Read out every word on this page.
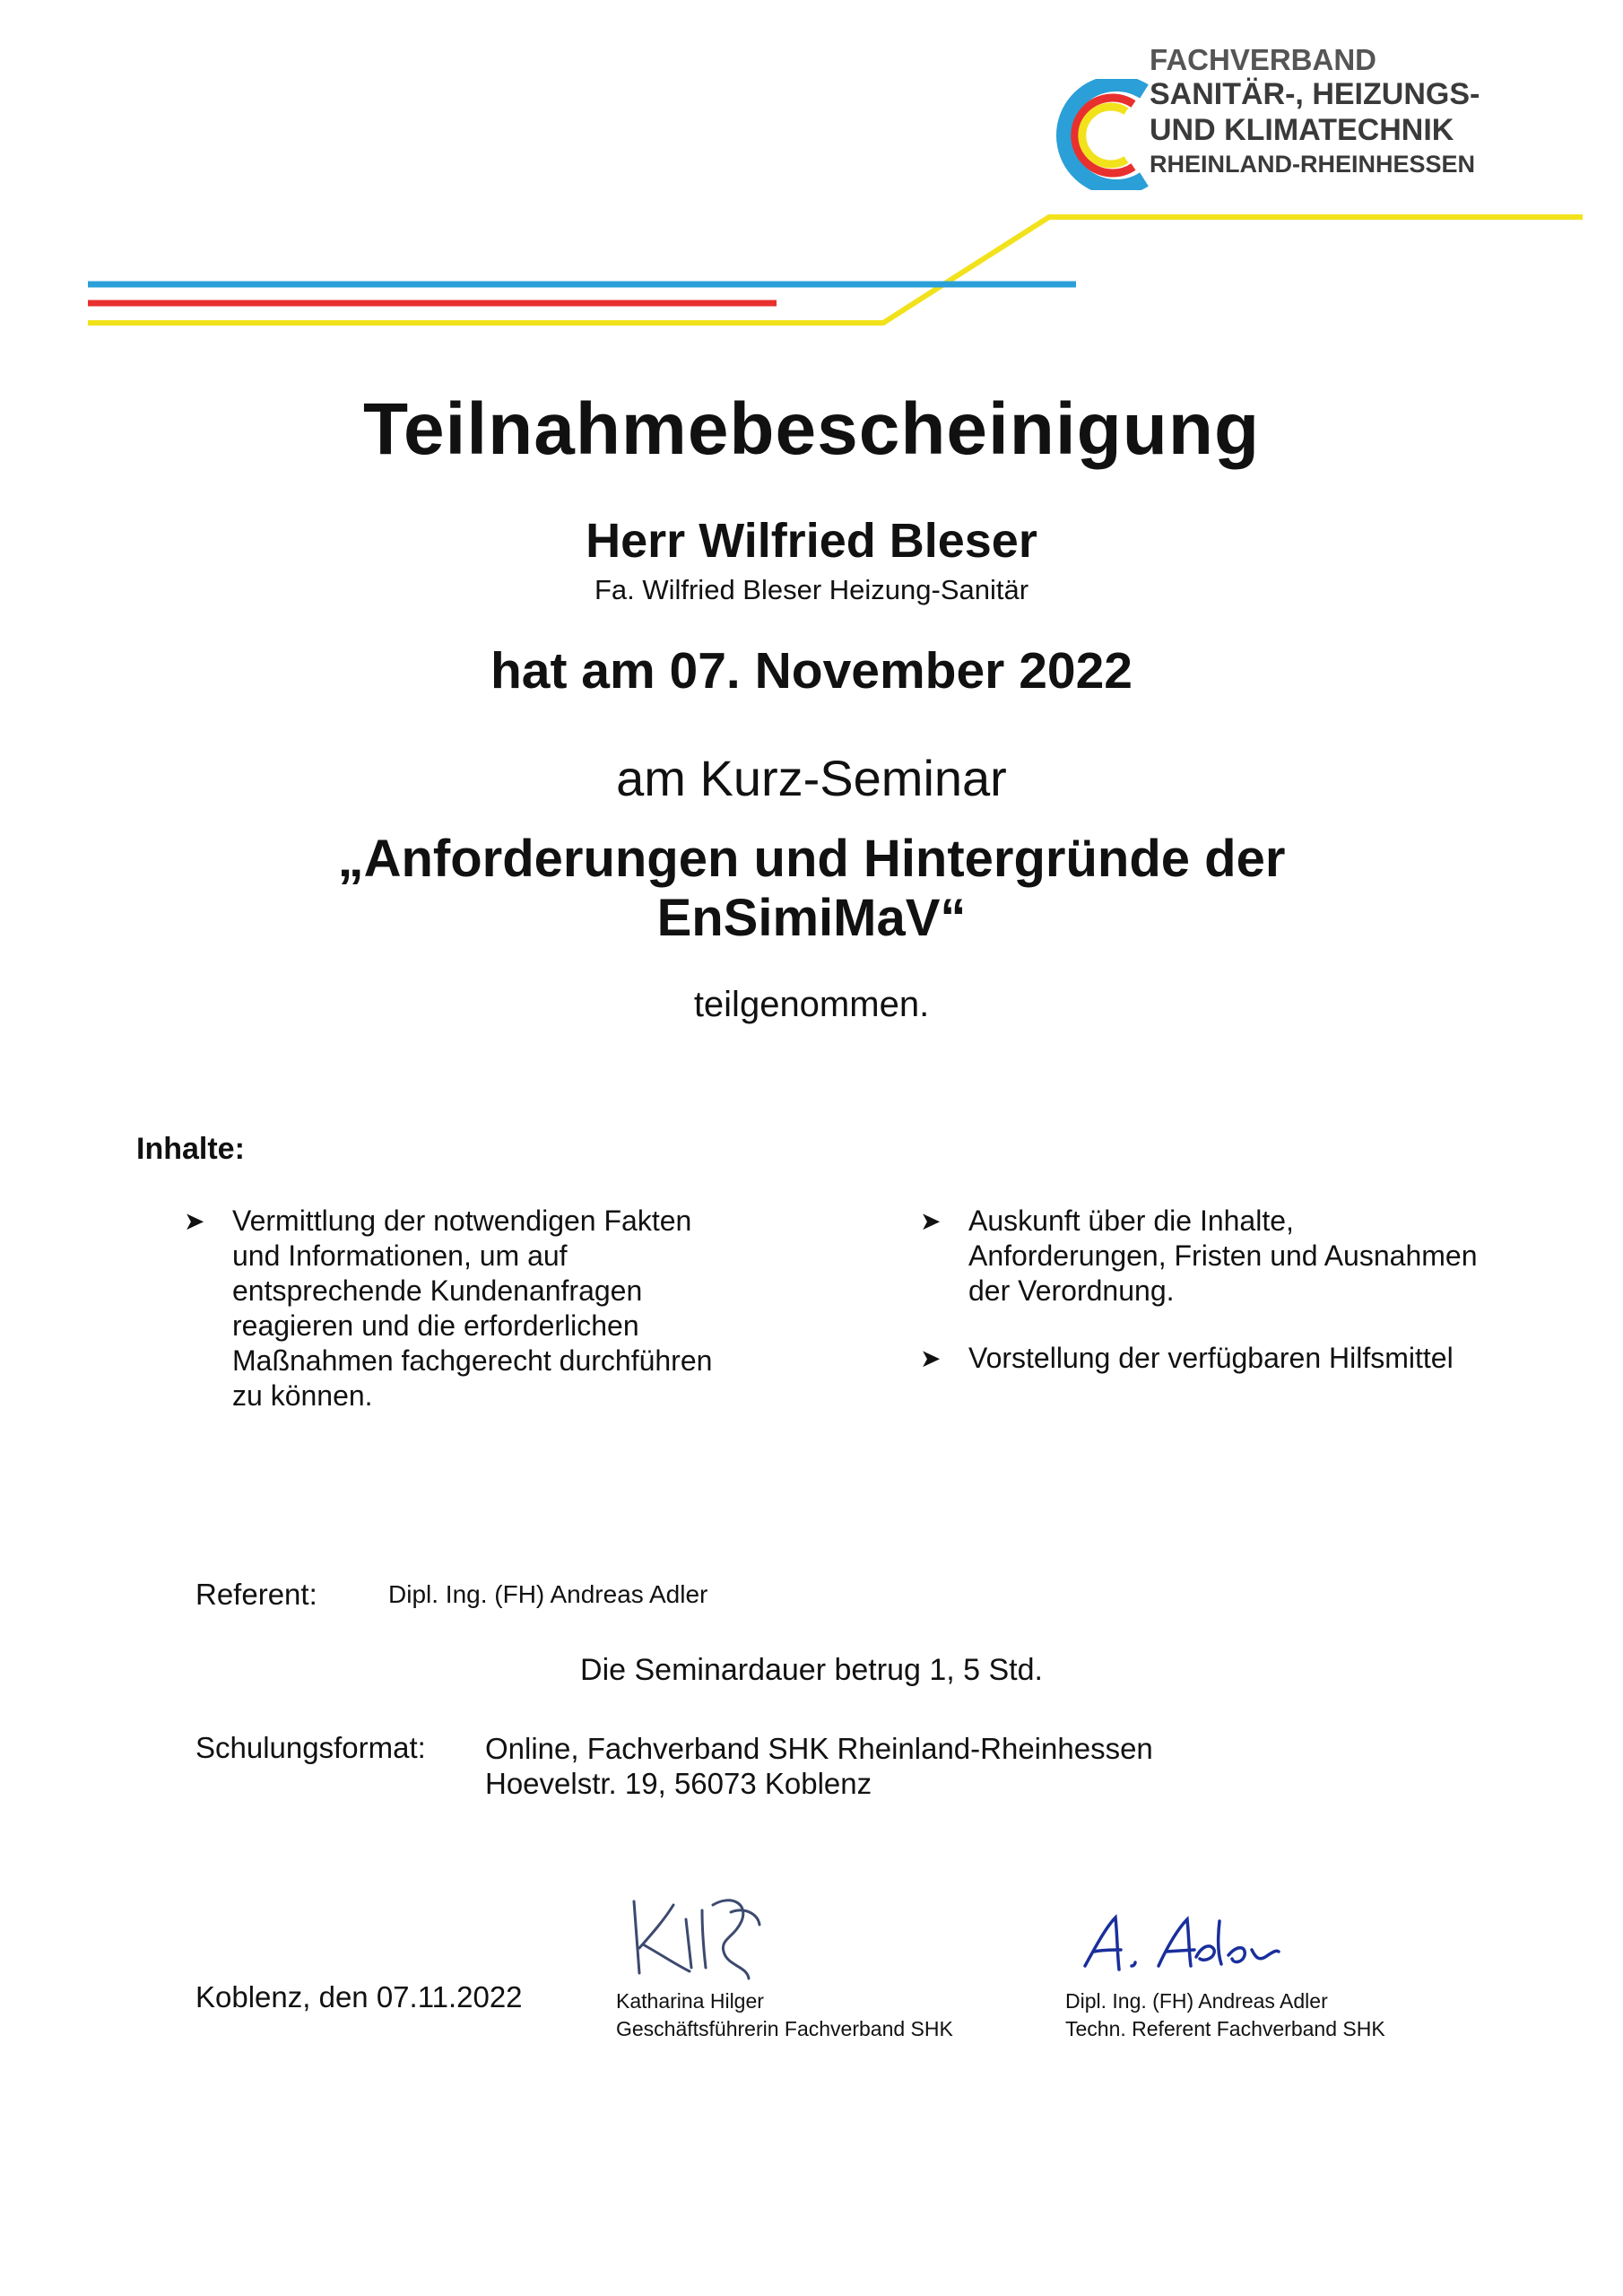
FACHVERBAND
SANITÄR-, HEIZUNGS-
UND KLIMATECHNIK
RHEINLAND-RHEINHESSEN
Teilnahmebescheinigung
Herr Wilfried Bleser
Fa. Wilfried Bleser Heizung-Sanitär
hat am 07. November 2022
am Kurz-Seminar
„Anforderungen und Hintergründe der
EnSimiMaV“
teilgenommen.
Inhalte:
➤ Vermittlung der notwendigen Fakten
und Informationen, um auf
entsprechende Kundenanfragen
reagieren und die erforderlichen
Maßnahmen fachgerecht durchführen
zu können.
➤ Auskunft über die Inhalte,
Anforderungen, Fristen und Ausnahmen
der Verordnung.
➤ Vorstellung der verfügbaren Hilfsmittel
Referent:	Dipl. Ing. (FH) Andreas Adler
Die Seminardauer betrug 1, 5 Std.
Schulungsformat: Online, Fachverband SHK Rheinland-Rheinhessen
Hoevelstr. 19, 56073 Koblenz
Koblenz, den 07.11.2022	Katharina Hilger
Geschäftsführerin Fachverband SHK
Dipl. Ing. (FH) Andreas Adler
Techn. Referent Fachverband SHK
